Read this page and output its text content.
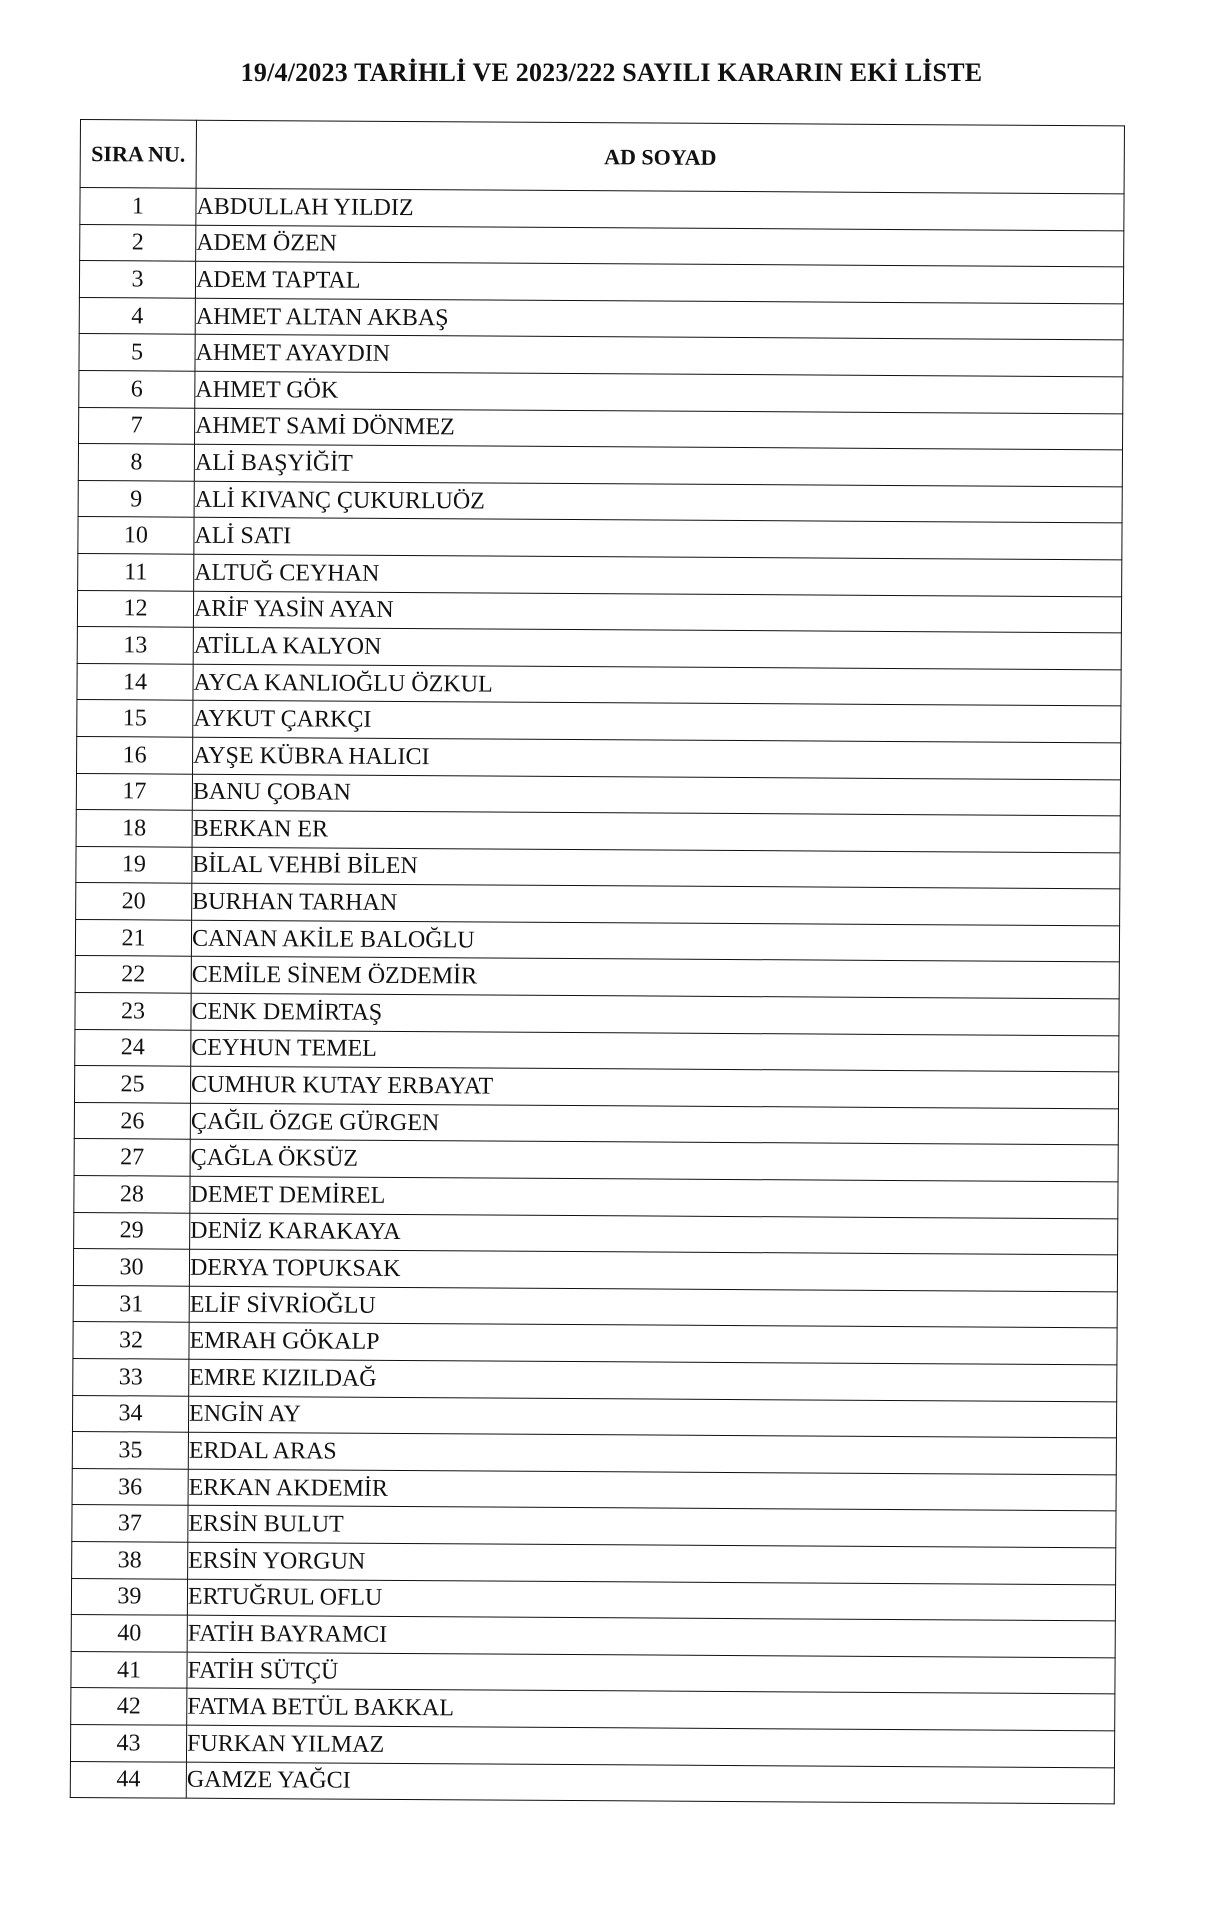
19/4/2023 TARİHLİ VE 2023/222 SAYILI KARARIN EKİ LİSTE
SIRA NU.	AD SOYAD
1	ABDULLAH YILDIZ
2	ADEM ÖZEN
3	ADEM TAPTAL
4	AHMET ALTAN AKBAŞ
5	AHMET AYAYDIN
6	AHMET GÖK
7	AHMET SAMİ DÖNMEZ
8	ALİ BAŞYİĞİT
9	ALİ KIVANÇ ÇUKURLUÖZ
10	ALİ SATI
11	ALTUĞ CEYHAN
12	ARİF YASİN AYAN
13	ATİLLA KALYON
14	AYCA KANLIOĞLU ÖZKUL
15	AYKUT ÇARKÇI
16	AYŞE KÜBRA HALICI
17	BANU ÇOBAN
18	BERKAN ER
19	BİLAL VEHBİ BİLEN
20	BURHAN TARHAN
21	CANAN AKİLE BALOĞLU
22	CEMİLE SİNEM ÖZDEMİR
23	CENK DEMİRTAŞ
24	CEYHUN TEMEL
25	CUMHUR KUTAY ERBAYAT
26	ÇAĞIL ÖZGE GÜRGEN
27	ÇAĞLA ÖKSÜZ
28	DEMET DEMİREL
29	DENİZ KARAKAYA
30	DERYA TOPUKSAK
31	ELİF SİVRİOĞLU
32	EMRAH GÖKALP
33	EMRE KIZILDAĞ
34	ENGİN AY
35	ERDAL ARAS
36	ERKAN AKDEMİR
37	ERSİN BULUT
38	ERSİN YORGUN
39	ERTUĞRUL OFLU
40	FATİH BAYRAMCI
41	FATİH SÜTÇÜ
42	FATMA BETÜL BAKKAL
43	FURKAN YILMAZ
44	GAMZE YAĞCI
